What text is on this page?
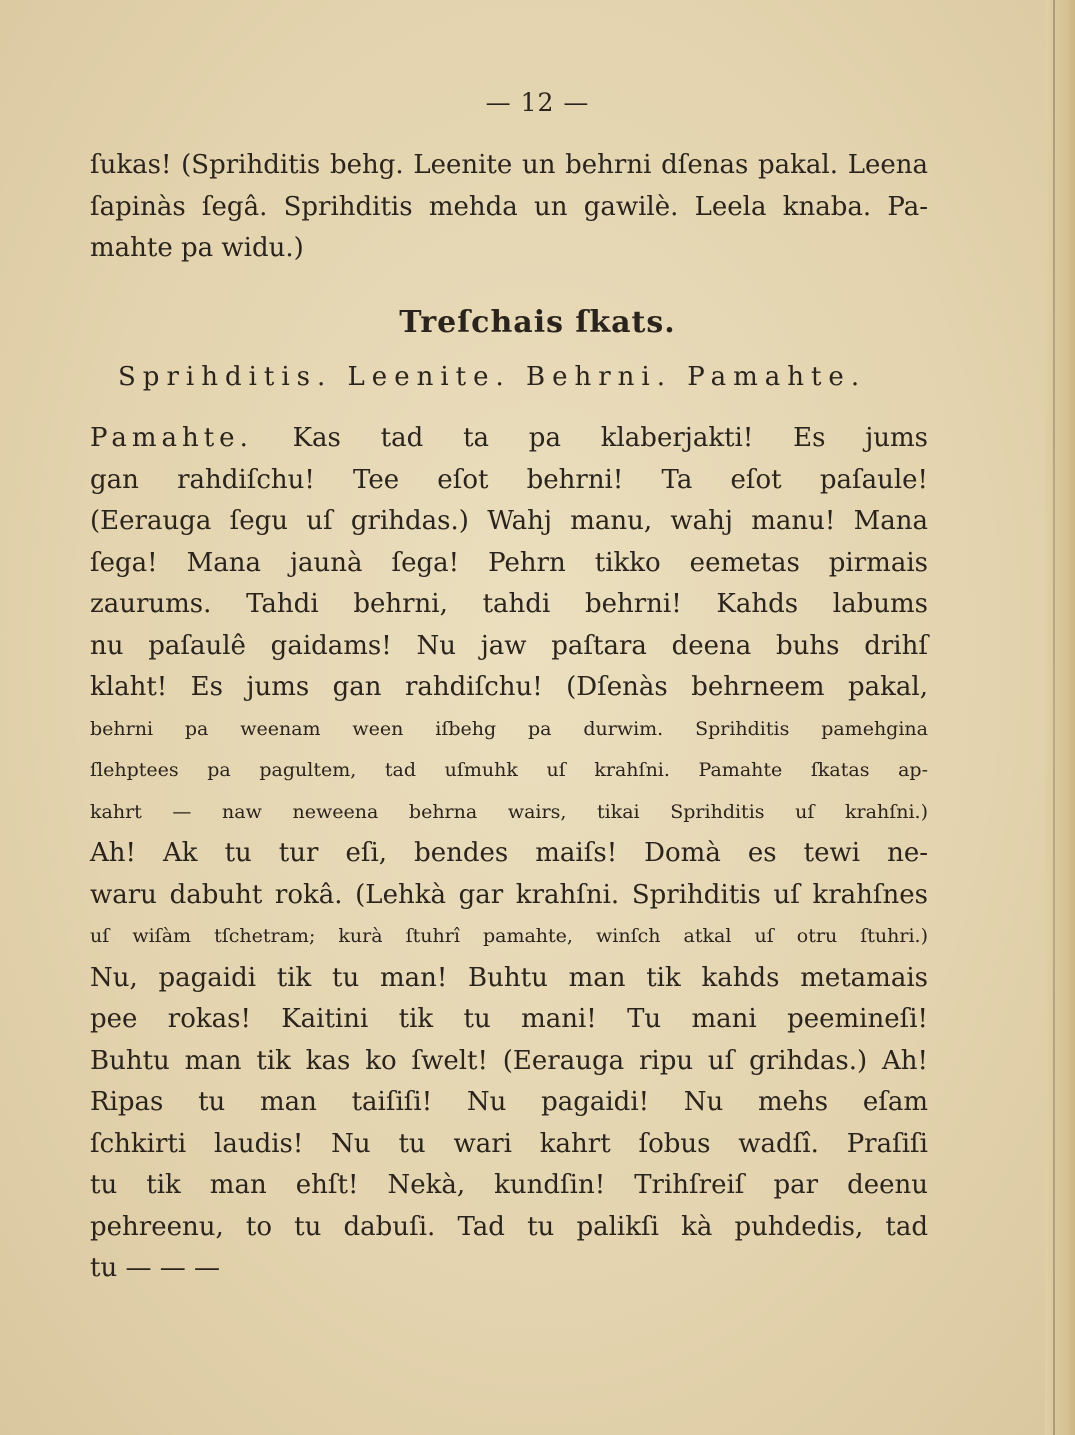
— 12 —
ſukas! (Sprihditis behg. Leenite un behrni dſenas pakal. Leena
ſapinàs ſegâ. Sprihditis mehda un gawilè. Leela knaba. Pa-
mahte pa widu.)
Treſchais ſkats.
Sprihditis. Leenite. Behrni. Pamahte.
Pamahte. Kas tad ta pa klaberjakti! Es jums
gan rahdiſchu! Tee eſot behrni! Ta eſot paſaule!
(Eerauga ſegu uſ grihdas.) Wahj manu, wahj manu! Mana
ſega! Mana jaunà ſega! Pehrn tikko eemetas pirmais
zaurums. Tahdi behrni, tahdi behrni! Kahds labums
nu paſaulê gaidams! Nu jaw paſtara deena buhs drihſ
klaht! Es jums gan rahdiſchu! (Dſenàs behrneem pakal,
behrni pa weenam ween iſbehg pa durwim. Sprihditis pamehgina
ſlehptees pa pagultem, tad uſmuhk uſ krahſni. Pamahte ſkatas ap-
kahrt — naw neweena behrna wairs, tikai Sprihditis uſ krahſni.)
Ah! Ak tu tur eſi, bendes maiſs! Domà es tewi ne-
waru dabuht rokâ. (Lehkà gar krahſni. Sprihditis uſ krahſnes
uſ wiſàm tſchetram; kurà ſtuhrî pamahte, winſch atkal uſ otru ſtuhri.)
Nu, pagaidi tik tu man! Buhtu man tik kahds metamais
pee rokas! Kaitini tik tu mani! Tu mani peemineſi!
Buhtu man tik kas ko ſwelt! (Eerauga ripu uſ grihdas.) Ah!
Ripas tu man taiſiſi! Nu pagaidi! Nu mehs eſam
ſchkirti laudis! Nu tu wari kahrt ſobus wadſî. Praſiſi
tu tik man ehſt! Nekà, kundſin! Trihſreiſ par deenu
pehreenu, to tu dabuſi. Tad tu palikſi kà puhdedis, tad
tu — — —
